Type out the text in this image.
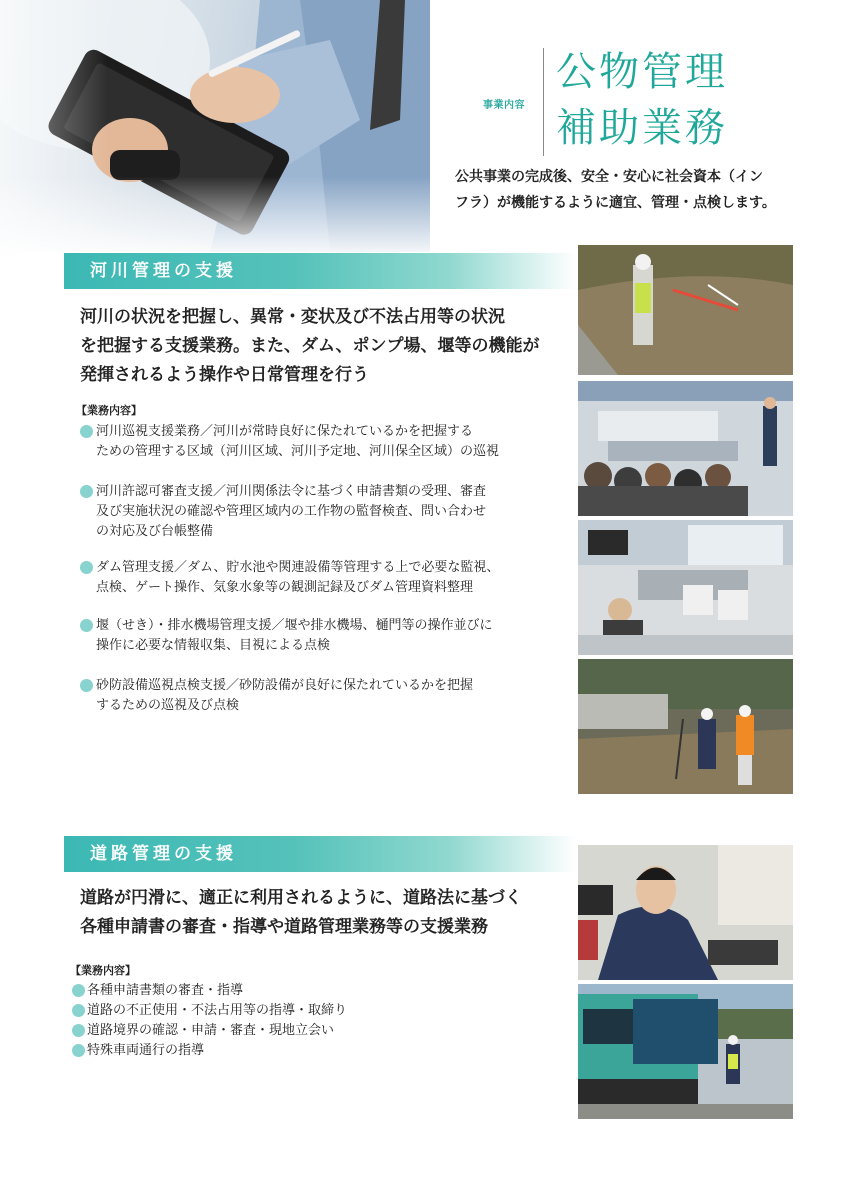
事業内容
公物管理
補助業務
公共事業の完成後、安全・安心に社会資本（イン
フラ）が機能するように適宜、管理・点検します。
河川管理の支援
河川の状況を把握し、異常・変状及び不法占用等の状況
を把握する支援業務。また、ダム、ポンプ場、堰等の機能が
発揮されるよう操作や日常管理を行う
【業務内容】
河川巡視支援業務／河川が常時良好に保たれているかを把握する
ための管理する区域（河川区域、河川予定地、河川保全区域）の巡視
河川許認可審査支援／河川関係法令に基づく申請書類の受理、審査
及び実施状況の確認や管理区域内の工作物の監督検査、問い合わせ
の対応及び台帳整備
ダム管理支援／ダム、貯水池や関連設備等管理する上で必要な監視、
点検、ゲート操作、気象水象等の観測記録及びダム管理資料整理
堰（せき）・排水機場管理支援／堰や排水機場、樋門等の操作並びに
操作に必要な情報収集、目視による点検
砂防設備巡視点検支援／砂防設備が良好に保たれているかを把握
するための巡視及び点検
道路管理の支援
道路が円滑に、適正に利用されるように、道路法に基づく
各種申請書の審査・指導や道路管理業務等の支援業務
【業務内容】
各種申請書類の審査・指導
道路の不正使用・不法占用等の指導・取締り
道路境界の確認・申請・審査・現地立会い
特殊車両通行の指導
